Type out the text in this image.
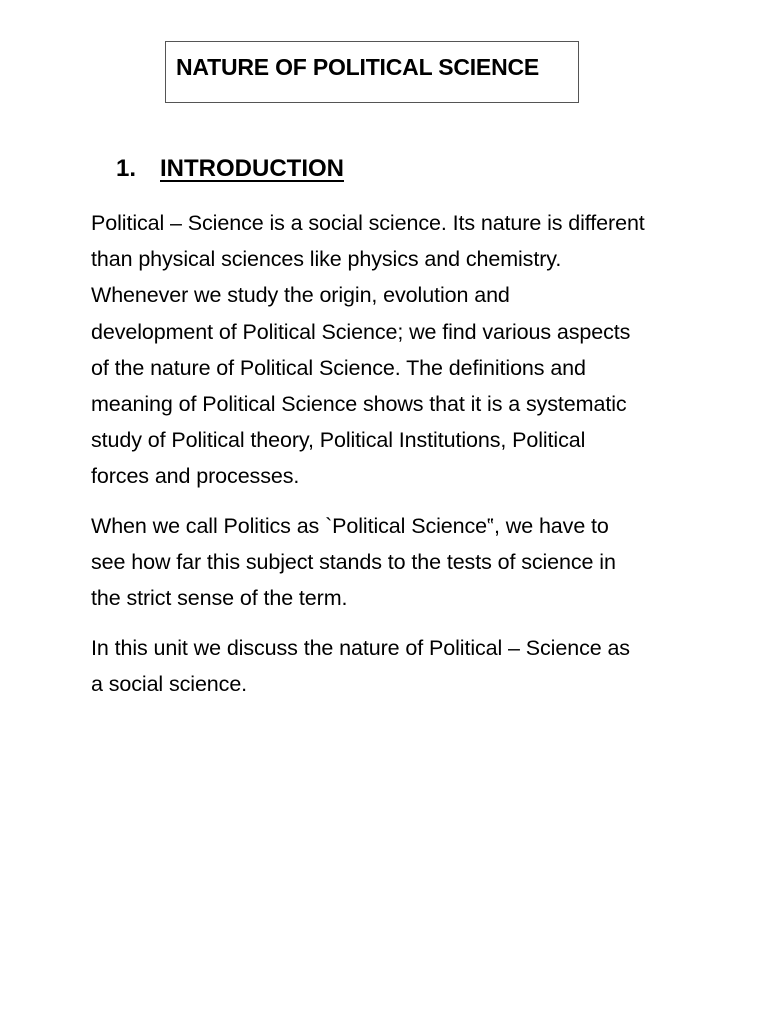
NATURE OF POLITICAL SCIENCE
1. INTRODUCTION
Political – Science is a social science. Its nature is different
than physical sciences like physics and chemistry.
Whenever we study the origin, evolution and
development of Political Science; we find various aspects
of the nature of Political Science. The definitions and
meaning of Political Science shows that it is a systematic
study of Political theory, Political Institutions, Political
forces and processes.
When we call Politics as `Political Science‟, we have to
see how far this subject stands to the tests of science in
the strict sense of the term.
In this unit we discuss the nature of Political – Science as
a social science.
